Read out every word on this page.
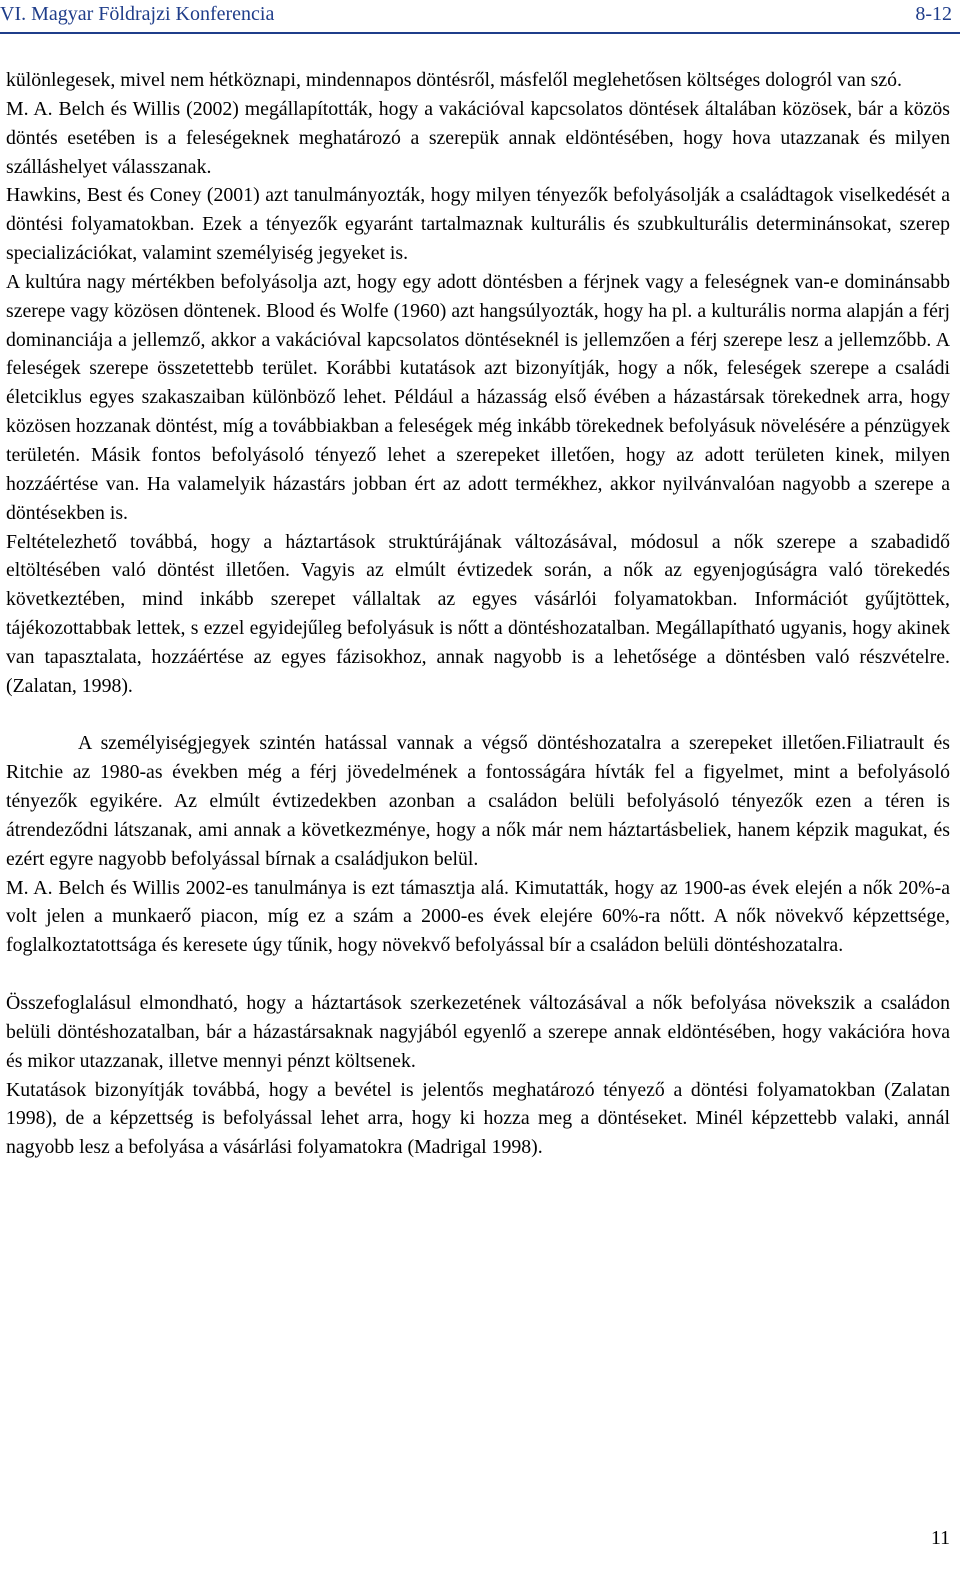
VI. Magyar Földrajzi Konferencia	8-12

különlegesek, mivel nem hétköznapi, mindennapos döntésről, másfelől meglehetősen költséges dologról van szó.

M. A. Belch és Willis (2002) megállapították, hogy a vakációval kapcsolatos döntések általában közösek, bár a közös döntés esetében is a feleségeknek meghatározó a szerepük annak eldöntésében, hogy hova utazzanak és milyen szálláshelyet válasszanak.

Hawkins, Best és Coney (2001) azt tanulmányozták, hogy milyen tényezők befolyásolják a családtagok viselkedését a döntési folyamatokban. Ezek a tényezők egyaránt tartalmaznak kulturális és szubkulturális determinánsokat, szerep specializációkat, valamint személyiség jegyeket is.

A kultúra nagy mértékben befolyásolja azt, hogy egy adott döntésben a férjnek vagy a feleségnek van-e dominánsabb szerepe vagy közösen döntenek. Blood és Wolfe (1960) azt hangsúlyozták, hogy ha pl. a kulturális norma alapján a férj dominanciája a jellemző, akkor a vakációval kapcsolatos döntéseknél is jellemzően a férj szerepe lesz a jellemzőbb. A feleségek szerepe összetettebb terület. Korábbi kutatások azt bizonyítják, hogy a nők, feleségek szerepe a családi életciklus egyes szakaszaiban különböző lehet. Például a házasság első évében a házastársak törekednek arra, hogy közösen hozzanak döntést, míg a továbbiakban a feleségek még inkább törekednek befolyásuk növelésére a pénzügyek területén. Másik fontos befolyásoló tényező lehet a szerepeket illetően, hogy az adott területen kinek, milyen hozzáértése van. Ha valamelyik házastárs jobban ért az adott termékhez, akkor nyilvánvalóan nagyobb a szerepe a döntésekben is.

Feltételezhető továbbá, hogy a háztartások struktúrájának változásával, módosul a nők szerepe a szabadidő eltöltésében való döntést illetően. Vagyis az elmúlt évtizedek során, a nők az egyenjogúságra való törekedés következtében, mind inkább szerepet vállaltak az egyes vásárlói folyamatokban. Információt gyűjtöttek, tájékozottabbak lettek, s ezzel egyidejűleg befolyásuk is nőtt a döntéshozatalban. Megállapítható ugyanis, hogy akinek van tapasztalata, hozzáértése az egyes fázisokhoz, annak nagyobb is a lehetősége a döntésben való részvételre. (Zalatan, 1998).

A személyiségjegyek szintén hatással vannak a végső döntéshozatalra a szerepeket illetően.Filiatrault és Ritchie az 1980-as években még a férj jövedelmének a fontosságára hívták fel a figyelmet, mint a befolyásoló tényezők egyikére. Az elmúlt évtizedekben azonban a családon belüli befolyásoló tényezők ezen a téren is átrendeződni látszanak, ami annak a következménye, hogy a nők már nem háztartásbeliek, hanem képzik magukat, és ezért egyre nagyobb befolyással bírnak a családjukon belül.

M. A. Belch és Willis 2002-es tanulmánya is ezt támasztja alá. Kimutatták, hogy az 1900-as évek elején a nők 20%-a volt jelen a munkaerő piacon, míg ez a szám a 2000-es évek elejére 60%-ra nőtt. A nők növekvő képzettsége, foglalkoztatottsága és keresete úgy tűnik, hogy növekvő befolyással bír a családon belüli döntéshozatalra.

Összefoglalásul elmondható, hogy a háztartások szerkezetének változásával a nők befolyása növekszik a családon belüli döntéshozatalban, bár a házastársaknak nagyjából egyenlő a szerepe annak eldöntésében, hogy vakációra hova és mikor utazzanak, illetve mennyi pénzt költsenek.

Kutatások bizonyítják továbbá, hogy a bevétel is jelentős meghatározó tényező a döntési folyamatokban (Zalatan 1998), de a képzettség is befolyással lehet arra, hogy ki hozza meg a döntéseket. Minél képzettebb valaki, annál nagyobb lesz a befolyása a vásárlási folyamatokra (Madrigal 1998).

11
